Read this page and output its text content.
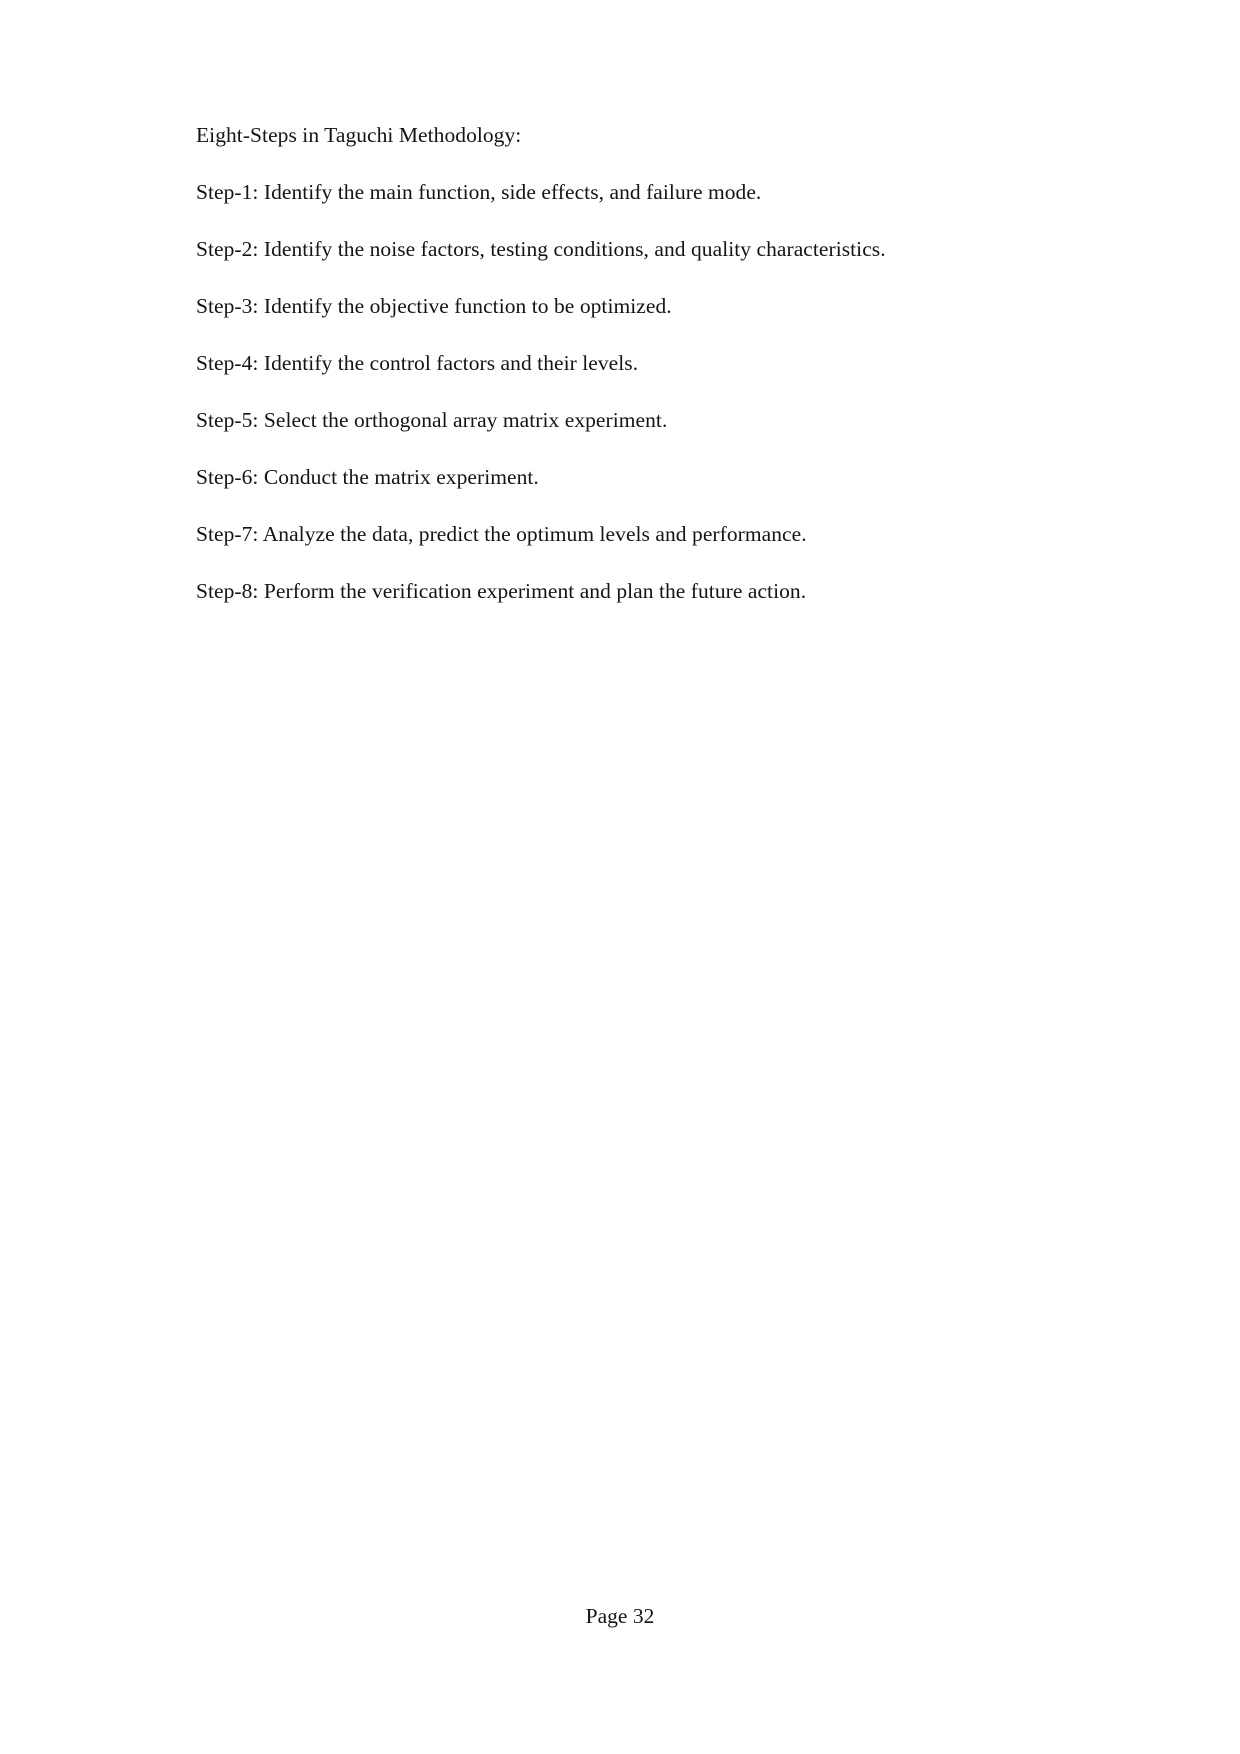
Eight-Steps in Taguchi Methodology:

Step-1: Identify the main function, side effects, and failure mode.

Step-2: Identify the noise factors, testing conditions, and quality characteristics.

Step-3: Identify the objective function to be optimized.

Step-4: Identify the control factors and their levels.

Step-5: Select the orthogonal array matrix experiment.

Step-6: Conduct the matrix experiment.

Step-7: Analyze the data, predict the optimum levels and performance.

Step-8: Perform the verification experiment and plan the future action.

Page 32
